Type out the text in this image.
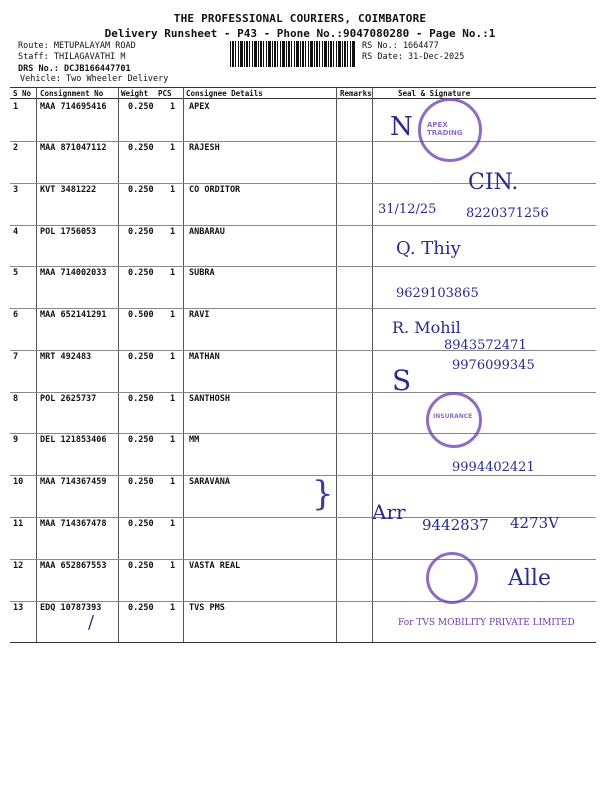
THE PROFESSIONAL COURIERS, COIMBATORE
Delivery Runsheet - P43 - Phone No.:9047080280 - Page No.:1
Route: METUPALAYAM ROAD
Staff: THILAGAVATHI M
DRS No.: DCJB166447701
Vehicle: Two Wheeler Delivery
RS No.: 1664477
RS Date: 31-Dec-2025
S No Consignment No Weight PCS Consignee Details	Remarks	Seal & Signature
1	MAA 714695416	0.250 1 APEX
2	MAA 871047112	0.250 1 RAJESH
3	KVT 3481222	0.250 1 CO ORDITOR
4	POL 1756053	0.250 1 ANBARAU
5	MAA 714002033	0.250 1 SUBRA
6	MAA 652141291	0.500 1 RAVI
7	MRT 492483	0.250 1 MATHAN
8	POL 2625737	0.250 1 SANTHOSH
9	DEL 121853406	0.250 1 MM
10 MAA 714367459	0.250 1 SARAVANA
11 MAA 714367478	0.250 1
12 MAA 652867553	0.250 1 VASTA REAL
13 EDQ 10787393	0.250 1 TVS PMS
APEX TRADING
N
CIN.
31/12/25 8220371256
Q. Thiy
9629103865
R. Mohil
8943572471
9976099345
S
INSURANCE
9994402421
} Arr
9442837 4273V
Alle
For TVS MOBILITY PRIVATE LIMITED
/
